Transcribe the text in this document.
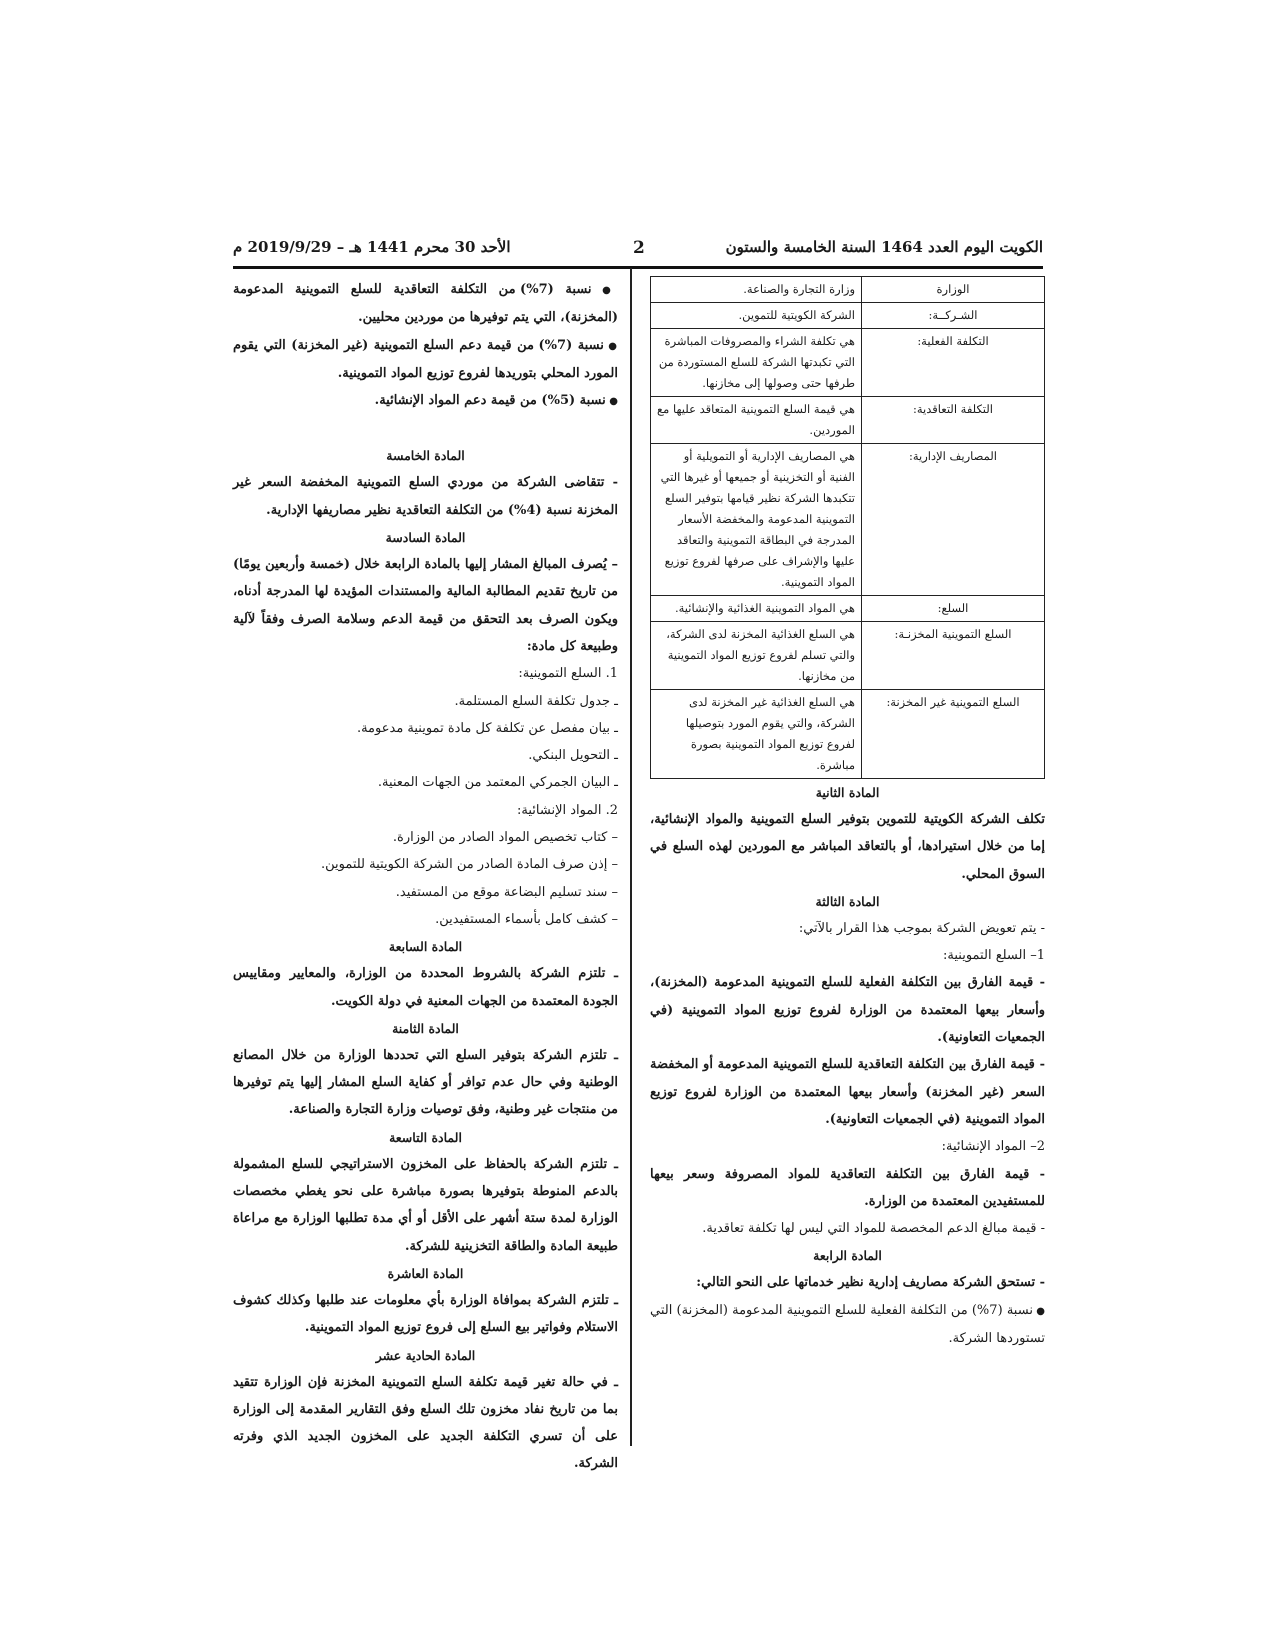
الكويت اليوم العدد 1464 السنة الخامسة والستون
2
الأحد 30 محرم 1441 هـ – 2019/9/29 م
الوزارة	وزارة التجارة والصناعة.
الشـركــة:	الشركة الكويتية للتموين.
التكلفة الفعلية:	هي تكلفة الشراء والمصروفات المباشرة التي تكبدتها الشركة للسلع المستوردة من طرفها حتى وصولها إلى مخازنها.
التكلفة التعاقدية:	هي قيمة السلع التموينية المتعاقد عليها مع الموردين.
المصاريف الإدارية:	هي المصاريف الإدارية أو التمويلية أو الفنية أو التخزينية أو جميعها أو غيرها التي تتكبدها الشركة نظير قيامها بتوفير السلع التموينية المدعومة والمخفضة الأسعار المدرجة في البطاقة التموينية والتعاقد عليها والإشراف على صرفها لفروع توزيع المواد التموينية.
السلع:	هي المواد التموينية الغذائية والإنشائية.
السلع التموينية المخزنـة:	هي السلع الغذائية المخزنة لدى الشركة، والتي تسلم لفروع توزيع المواد التموينية من مخازنها.
السلع التموينية غير المخزنة:	هي السلع الغذائية غير المخزنة لدى الشركة، والتي يقوم المورد بتوصيلها لفروع توزيع المواد التموينية بصورة مباشرة.

المادة الثانية

تكلف الشركة الكويتية للتموين بتوفير السلع التموينية والمواد الإنشائية، إما من خلال استيرادها، أو بالتعاقد المباشر مع الموردين لهذه السلع في السوق المحلي.

المادة الثالثة

- يتم تعويض الشركة بموجب هذا القرار بالآتي:

1– السلع التموينية:

- قيمة الفارق بين التكلفة الفعلية للسلع التموينية المدعومة (المخزنة)، وأسعار بيعها المعتمدة من الوزارة لفروع توزيع المواد التموينية (في الجمعيات التعاونية).

- قيمة الفارق بين التكلفة التعاقدية للسلع التموينية المدعومة أو المخفضة السعر (غير المخزنة) وأسعار بيعها المعتمدة من الوزارة لفروع توزيع المواد التموينية (في الجمعيات التعاونية).

2– المواد الإنشائية:

- قيمة الفارق بين التكلفة التعاقدية للمواد المصروفة وسعر بيعها للمستفيدين المعتمدة من الوزارة.

- قيمة مبالغ الدعم المخصصة للمواد التي ليس لها تكلفة تعاقدية.

المادة الرابعة

- تستحق الشركة مصاريف إدارية نظير خدماتها على النحو التالي:

● نسبة (7%) من التكلفة الفعلية للسلع التموينية المدعومة (المخزنة) التي تستوردها الشركة.

● نسبة (7%) من التكلفة التعاقدية للسلع التموينية المدعومة (المخزنة)، التي يتم توفيرها من موردين محليين.

● نسبة (7%) من قيمة دعم السلع التموينية (غير المخزنة) التي يقوم المورد المحلي بتوريدها لفروع توزيع المواد التموينية.

● نسبة (5%) من قيمة دعم المواد الإنشائية.

المادة الخامسة

- تتقاضى الشركة من موردي السلع التموينية المخفضة السعر غير المخزنة نسبة (4%) من التكلفة التعاقدية نظير مصاريفها الإدارية.

المادة السادسة

– يُصرف المبالغ المشار إليها بالمادة الرابعة خلال (خمسة وأربعين يومًا) من تاريخ تقديم المطالبة المالية والمستندات المؤيدة لها المدرجة أدناه، ويكون الصرف بعد التحقق من قيمة الدعم وسلامة الصرف وفقاً لآلية وطبيعة كل مادة:

1. السلع التموينية:

ـ جدول تكلفة السلع المستلمة.

ـ بيان مفصل عن تكلفة كل مادة تموينية مدعومة.

ـ التحويل البنكي.

ـ البيان الجمركي المعتمد من الجهات المعنية.

2. المواد الإنشائية:

– كتاب تخصيص المواد الصادر من الوزارة.

– إذن صرف المادة الصادر من الشركة الكويتية للتموين.

– سند تسليم البضاعة موقع من المستفيد.

– كشف كامل بأسماء المستفيدين.

المادة السابعة

ـ تلتزم الشركة بالشروط المحددة من الوزارة، والمعايير ومقاييس الجودة المعتمدة من الجهات المعنية في دولة الكويت.

المادة الثامنة

ـ تلتزم الشركة بتوفير السلع التي تحددها الوزارة من خلال المصانع الوطنية وفي حال عدم توافر أو كفاية السلع المشار إليها يتم توفيرها من منتجات غير وطنية، وفق توصيات وزارة التجارة والصناعة.

المادة التاسعة

ـ تلتزم الشركة بالحفاظ على المخزون الاستراتيجي للسلع المشمولة بالدعم المنوطة بتوفيرها بصورة مباشرة على نحو يغطي مخصصات الوزارة لمدة ستة أشهر على الأقل أو أي مدة تطلبها الوزارة مع مراعاة طبيعة المادة والطاقة التخزينية للشركة.

المادة العاشرة

ـ تلتزم الشركة بموافاة الوزارة بأي معلومات عند طلبها وكذلك كشوف الاستلام وفواتير بيع السلع إلى فروع توزيع المواد التموينية.

المادة الحادية عشر

ـ في حالة تغير قيمة تكلفة السلع التموينية المخزنة فإن الوزارة تتقيد بما من تاريخ نفاد مخزون تلك السلع وفق التقارير المقدمة إلى الوزارة على أن تسري التكلفة الجديد على المخزون الجديد الذي وفرته الشركة.
